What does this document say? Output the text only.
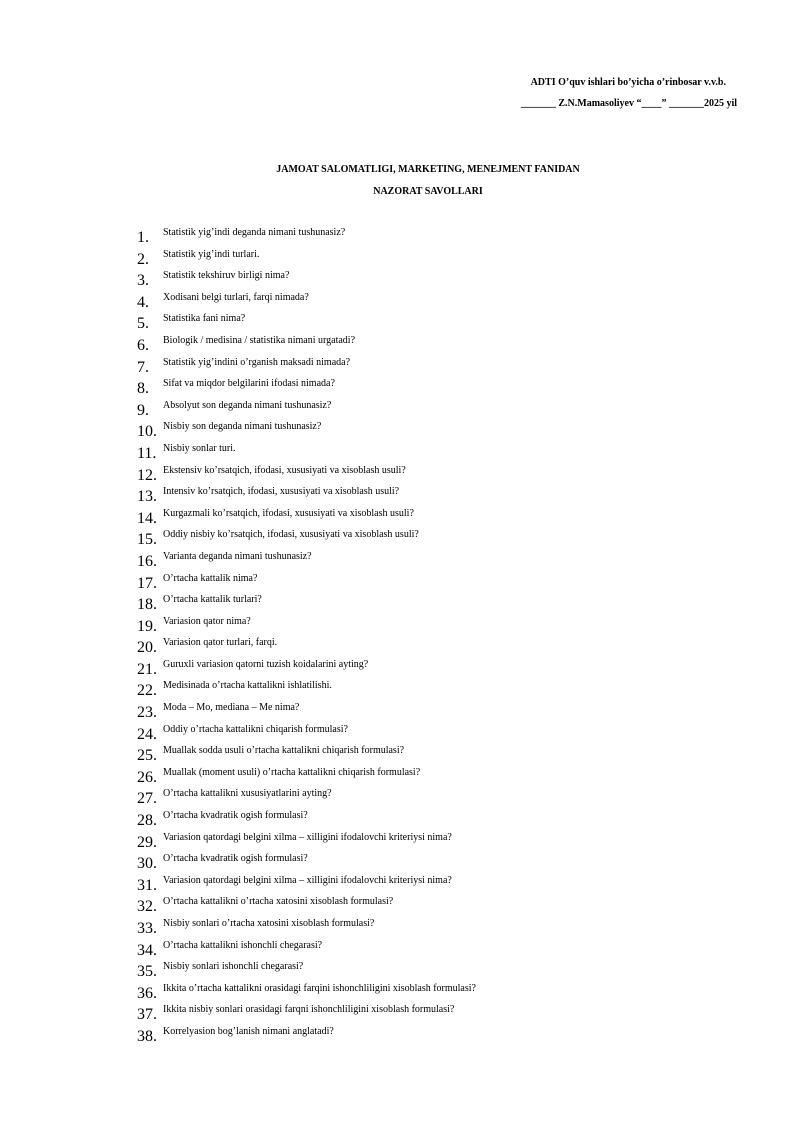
ADTI O’quv ishlari bo’yicha o’rinbosar v.v.b.
_______ Z.N.Mamasoliyev “____” _______2025 yil
JAMOAT SALOMATLIGI, MARKETING, MENEJMENT FANIDAN
NAZORAT SAVOLLARI
1. Statistik yig’indi deganda nimani tushunasiz?
2. Statistik yig’indi turlari.
3. Statistik tekshiruv birligi nima?
4. Xodisani belgi turlari, farqi nimada?
5. Statistika fani nima?
6. Biologik / medisina / statistika nimani urgatadi?
7. Statistik yig’indini o’rganish maksadi nimada?
8. Sifat va miqdor belgilarini ifodasi nimada?
9. Absolyut son deganda nimani tushunasiz?
10. Nisbiy son deganda nimani tushunasiz?
11. Nisbiy sonlar turi.
12. Ekstensiv ko’rsatqich, ifodasi, xususiyati va xisoblash usuli?
13. Intensiv ko’rsatqich, ifodasi, xususiyati va xisoblash usuli?
14. Kurgazmali ko’rsatqich, ifodasi, xususiyati va xisoblash usuli?
15. Oddiy nisbiy ko’rsatqich, ifodasi, xususiyati va xisoblash usuli?
16. Varianta deganda nimani tushunasiz?
17. O’rtacha kattalik nima?
18. O’rtacha kattalik turlari?
19. Variasion qator nima?
20. Variasion qator turlari, farqi.
21. Guruxli variasion qatorni tuzish koidalarini ayting?
22. Medisinada o’rtacha kattalikni ishlatilishi.
23. Moda – Mo, mediana – Me nima?
24. Oddiy o’rtacha kattalikni chiqarish formulasi?
25. Muallak sodda usuli o’rtacha kattalikni chiqarish formulasi?
26. Muallak (moment usuli) o’rtacha kattalikni chiqarish formulasi?
27. O’rtacha kattalikni xususiyatlarini ayting?
28. O’rtacha kvadratik ogish formulasi?
29. Variasion qatordagi belgini xilma – xilligini ifodalovchi kriteriysi nima?
30. O’rtacha kvadratik ogish formulasi?
31. Variasion qatordagi belgini xilma – xilligini ifodalovchi kriteriysi nima?
32. O’rtacha kattalikni o’rtacha xatosini xisoblash formulasi?
33. Nisbiy sonlari o’rtacha xatosini xisoblash formulasi?
34. O’rtacha kattalikni ishonchli chegarasi?
35. Nisbiy sonlari ishonchli chegarasi?
36. Ikkita o’rtacha kattalikni orasidagi farqini ishonchliligini xisoblash formulasi?
37. Ikkita nisbiy sonlari orasidagi farqni ishonchliligini xisoblash formulasi?
38. Korrelyasion bog’lanish nimani anglatadi?
